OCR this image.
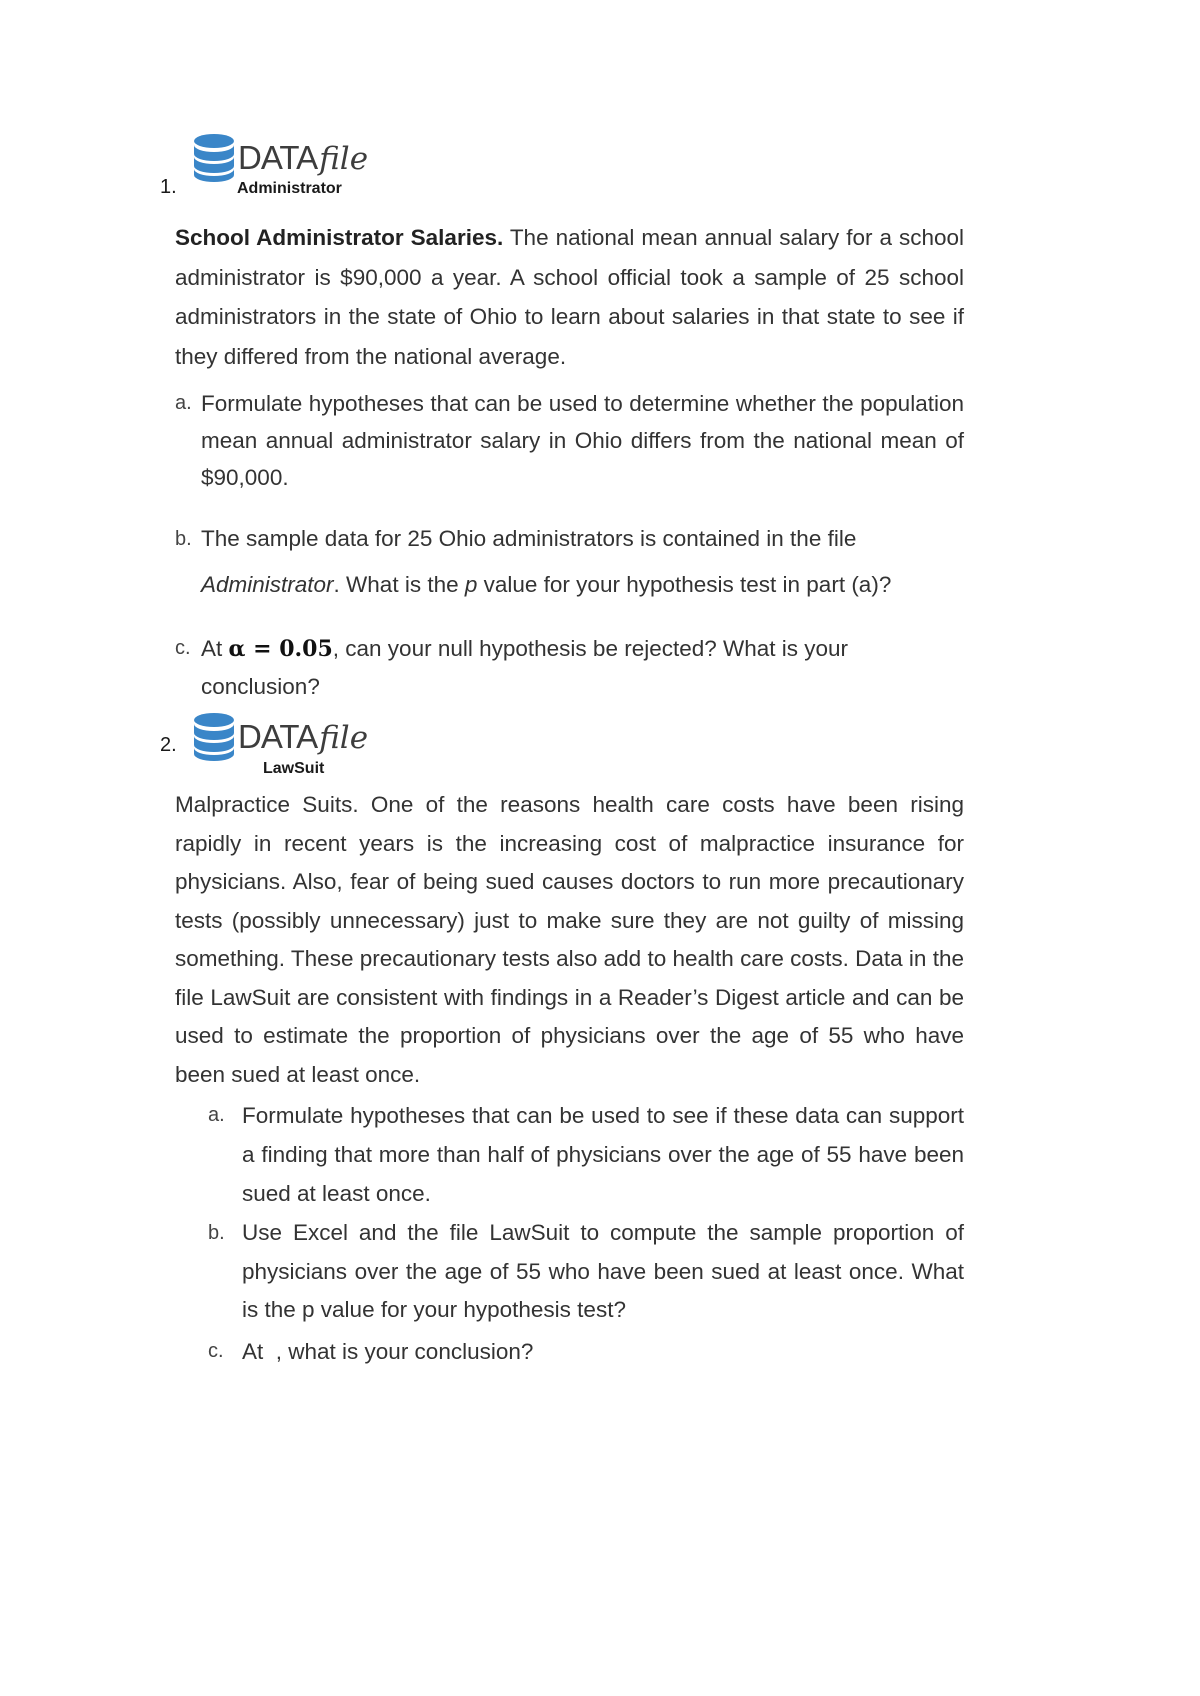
1.
DATAfile
Administrator
School Administrator Salaries. The national mean annual salary for a school administrator is $90,000 a year. A school official took a sample of 25 school administrators in the state of Ohio to learn about salaries in that state to see if they differed from the national average.
a. Formulate hypotheses that can be used to determine whether the population mean annual administrator salary in Ohio differs from the national mean of $90,000.
b. The sample data for 25 Ohio administrators is contained in the file
Administrator. What is the p value for your hypothesis test in part (a)?
c. At α = 0.05, can your null hypothesis be rejected? What is your conclusion?
2. DATAfile
LawSuit
Malpractice Suits. One of the reasons health care costs have been rising rapidly in recent years is the increasing cost of malpractice insurance for physicians. Also, fear of being sued causes doctors to run more precautionary tests (possibly unnecessary) just to make sure they are not guilty of missing something. These precautionary tests also add to health care costs. Data in the file LawSuit are consistent with findings in a Reader’s Digest article and can be used to estimate the proportion of physicians over the age of 55 who have been sued at least once.
a. Formulate hypotheses that can be used to see if these data can support a finding that more than half of physicians over the age of 55 have been sued at least once.
b. Use Excel and the file LawSuit to compute the sample proportion of physicians over the age of 55 who have been sued at least once. What is the p value for your hypothesis test?
c. At  , what is your conclusion?
